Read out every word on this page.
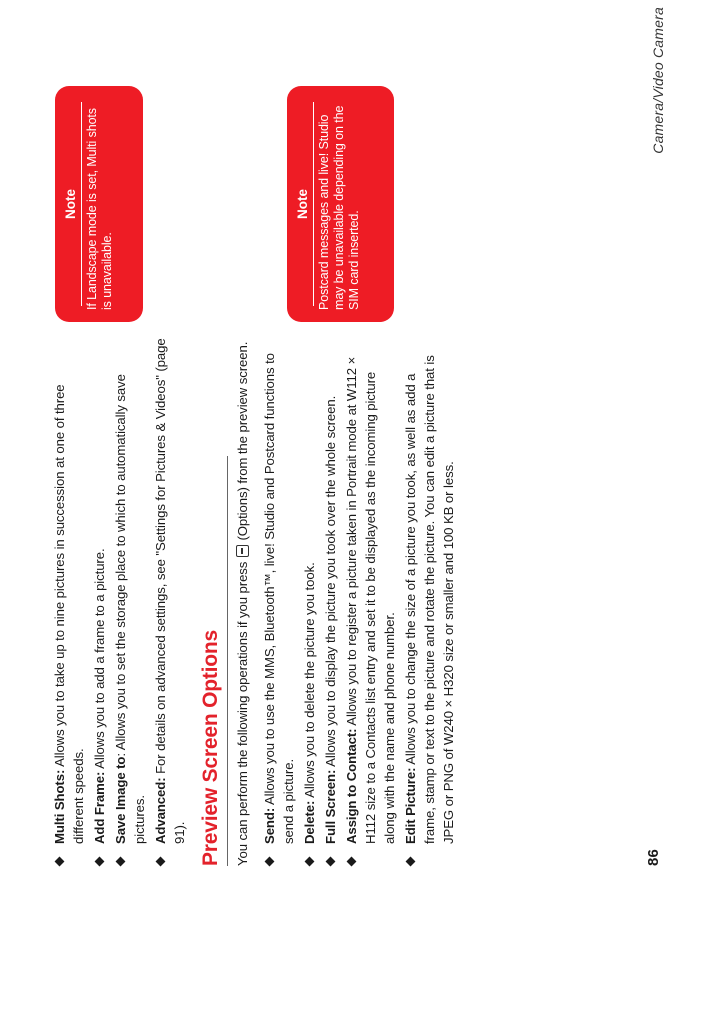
86
Camera/Video Camera
Multi Shots: Allows you to take up to nine pictures in succession at one of three different speeds. Add Frame: Allows you to add a frame to a picture.
Save Image to: Allows you to set the storage place to which to automatically save pictures. Advanced: For details on advanced settings, see "Settings for Pictures & Videos" (page 91). Preview Screen Options You can perform the following operations if you press  (Options) from the preview screen.

Send: Allows you to use the MMS, Bluetooth™, live! Studio and Postcard functions to send a picture. Delete: Allows you to delete the picture you took.
Full Screen: Allows you to display the picture you took over the whole screen.
Assign to Contact: Allows you to register a picture taken in Portrait mode at W112 × H112 size to a Contacts list entry and set it to be displayed as the incoming picture along with the name and phone number. Edit Picture: Allows you to change the size of a picture you took, as well as add a frame, stamp or text to the picture and rotate the picture. You can edit a picture that is JPEG or PNG of W240 × H320 size or smaller and 100 KB or less.
Note If Landscape mode is set, Multi shots is unavailable.
Note Postcard messages and live! Studio may be unavailable depending on the SIM card inserted.
